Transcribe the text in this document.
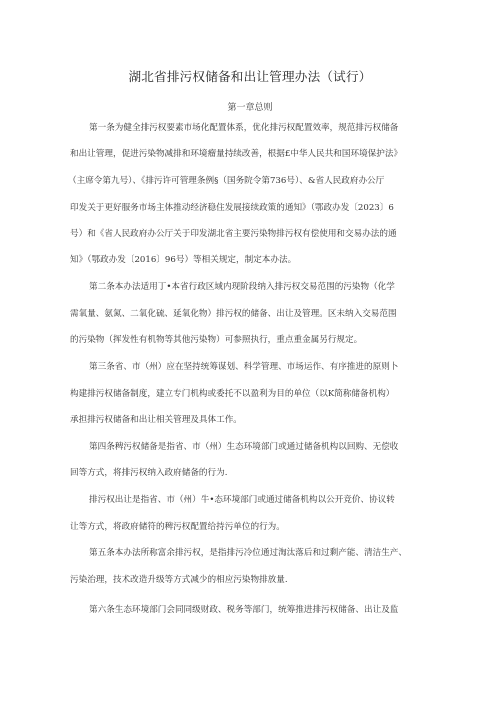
湖北省排污权储备和出让管理办法（试行）
第一章总则
第一条为健全排污权要素市场化配置体系，优化排污权配置效率，规范排污权储备
和出让管理，促进污染物减排和环境瘤量持续改善，根据£中华人民共和国环境保护法》
（主席令第九号）、《排污许可管理条例§（国务院令第736号）、&省人民政府办公厅
印发关于更好服务市场主体推动经济稳住发展接续政策的通知》（鄂政办发〔2023〕6
号）和《省人民政府办公厅关于印发湖北省主要污染物排污权有偿使用和交易办法的通
知》（鄂政办发〔2016〕96号）等相关规定，制定本办法。
第二条本办法适用丁•本省行政区域内现阶段纳入排污权交易范围的污染物（化学
需氧量、氨氮、二氧化硫、延氧化物）排污权的储备、出让及管理。区未纳入交易范围
的污染物（挥发性有机物等其他污染物）可参照执行，重点重金属另行规定。
第三条省、市（州）应在坚持统筹谋划、科学管理、市场运作、有序推进的原则卜
构建排污权储备制度，建立专门机构或委托不以盈利为目的单位（以K简称储备机构）
承担排污权储备和出让相关管理及具体工作。
第四条稗污权储备是指省、市（州）生态环境部门或通过储备机构以回购、无偿收
回等方式，将排污权纳入政府储备的行为.
排污权出让是指省、市（州）牛•态环境部门或通过储备机构以公开竞价、协议转
让等方式，将政府储符的稗污权配置给持污单位的行为。
第五条本办法所称富余排污权，是指排污冷位通过淘汰落后和过剩产能、清洁生产、
污染治理，技术改造升级等方式减少的相应污染物排放量.
第六条生态环境部门会同同级财政、税务等部门，统筹推进排污权储备、出让及监
